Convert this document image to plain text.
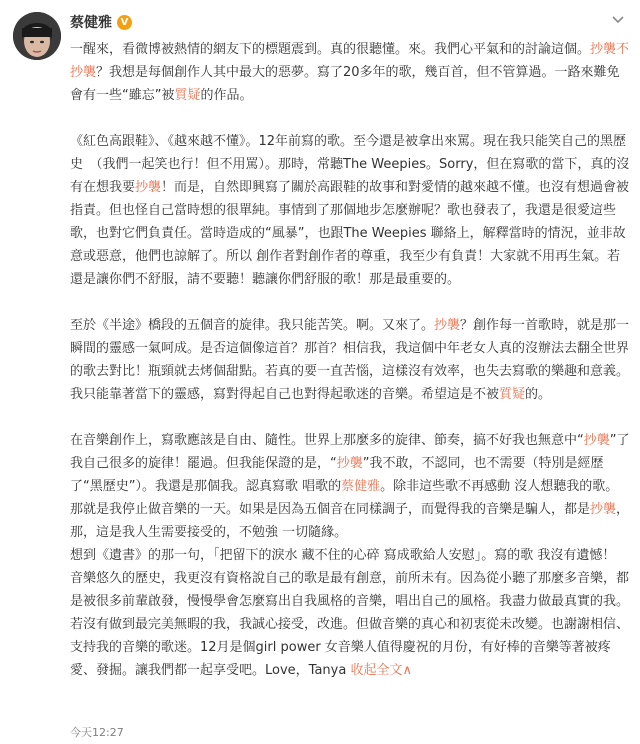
蔡健雅 V

一醒來，看微博被熱情的網友下的標題震到。真的很聽懂。來。我們心平氣和的討論這個。抄襲不抄襲？我想是每個創作人其中最大的惡夢。寫了20多年的歌，幾百首，但不管算過。一路來難免會有一些“雖忘”被質疑的作品。

《紅色高跟鞋》、《越來越不懂》。12年前寫的歌。至今還是被拿出來罵。現在我只能笑自己的黑歷史　（我們一起笑也行！但不用罵）。那時，常聽The Weepies。Sorry，但在寫歌的當下，真的沒有在想我要抄襲！而是，自然即興寫了關於高跟鞋的故事和對愛情的越來越不懂。也沒有想過會被指責。但也怪自己當時想的很單純。事情到了那個地步怎麼辦呢？歌也發表了，我還是很愛這些歌，也對它們負責任。當時造成的“風暴”，也跟The Weepies 聯絡上，解釋當時的情況，並非故意或惡意，他們也諒解了。所以 創作者對創作者的尊重，我至少有負責！大家就不用再生氣。若還是讓你們不舒服，請不要聽！聽讓你們舒服的歌！那是最重要的。

至於《半途》橋段的五個音的旋律。我只能苦笑。啊。又來了。抄襲？創作每一首歌時，就是那一瞬間的靈感一氣呵成。是否這個像這首？那首？相信我，我這個中年老女人真的沒辦法去翻全世界的歌去對比！瓶頸就去烤個甜點。若真的要一直苦惱，這樣沒有效率，也失去寫歌的樂趣和意義。我只能靠著當下的靈感，寫對得起自己也對得起歌迷的音樂。希望這是不被質疑的。

在音樂創作上，寫歌應該是自由、隨性。世界上那麼多的旋律、節奏，搞不好我也無意中“抄襲”了我自己很多的旋律！罷過。但我能保證的是，“抄襲”我不敢，不認同，也不需要（特別是經歷了“黑歷史”）。我還是那個我。認真寫歌 唱歌的蔡健雅。除非這些歌不再感動 沒人想聽我的歌。那就是我停止做音樂的一天。如果是因為五個音在同樣調子，而覺得我的音樂是騙人，都是抄襲，那，這是我人生需要接受的，不勉強 一切隨緣。

想到《遺書》的那一句，「把留下的淚水 藏不住的心碎 寫成歌給人安慰」。寫的歌 我沒有遺憾！

音樂悠久的歷史，我更沒有資格說自己的歌是最有創意，前所未有。因為從小聽了那麼多音樂，都是被很多前輩啟發，慢慢學會怎麼寫出自我風格的音樂，唱出自己的風格。我盡力做最真實的我。若沒有做到最完美無暇的我，我誠心接受，改進。但做音樂的真心和初衷從未改變。也謝謝相信、支持我的音樂的歌迷。12月是個girl power 女音樂人值得慶祝的月份，有好棒的音樂等著被疼愛、發掘。讓我們都一起享受吧。Love，Tanya 收起全文∧

今天12:27
